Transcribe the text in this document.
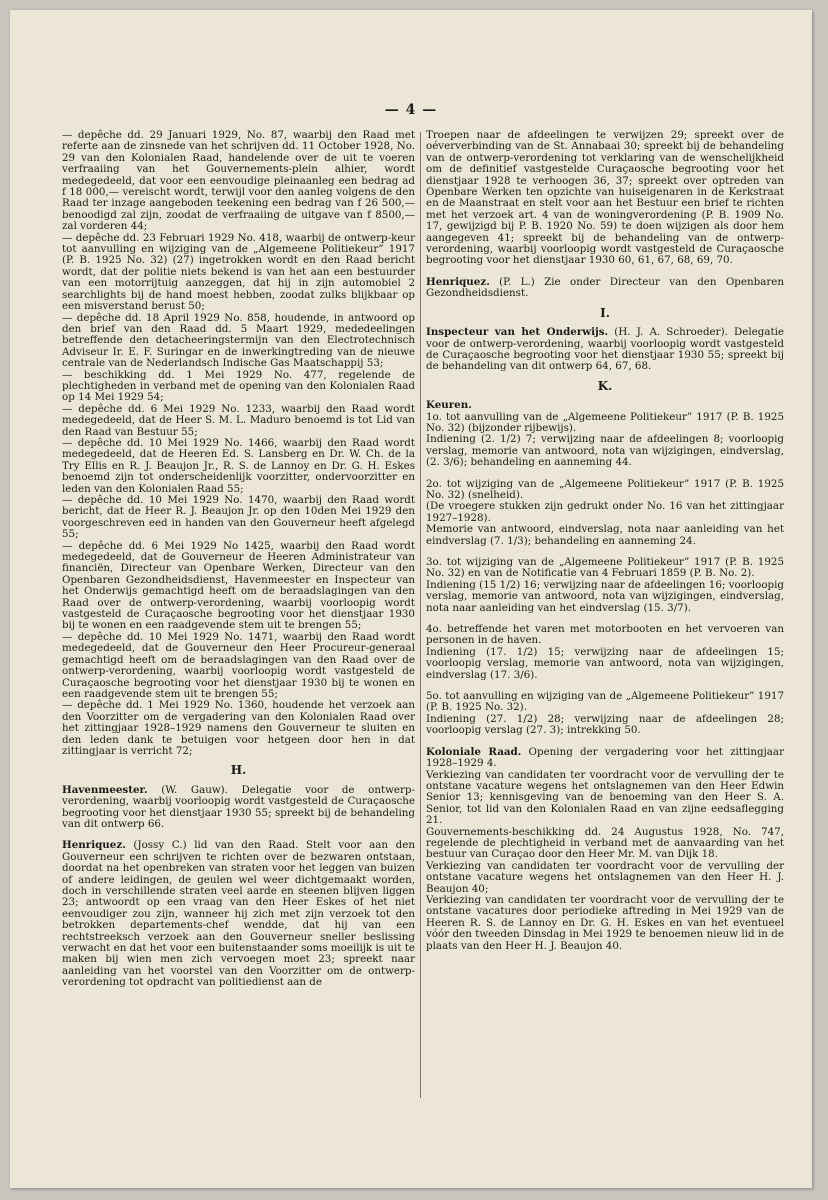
— 4 —

— depêche dd. 29 Januari 1929, No. 87, waarbij den Raad met referte aan de zinsnede van het schrijven dd. 11 October 1928, No. 29 van den Kolonialen Raad, handelende over de uit te voeren verfraaiing van het Gouvernements-plein alhier, wordt medegedeeld, dat voor een eenvoudige pleinaanleg een bedrag ad f 18 000,— vereischt wordt, terwijl voor den aanleg volgens de den Raad ter inzage aangeboden teekening een bedrag van f 26 500,— benoodigd zal zijn, zoodat de verfraaiing de uitgave van f 8500,— zal vorderen 44;

— depêche dd. 23 Februari 1929 No. 418, waarbij de ontwerp-keur tot aanvulling en wijziging van de „Algemeene Politiekeur” 1917 (P. B. 1925 No. 32) (27) ingetrokken wordt en den Raad bericht wordt, dat der politie niets bekend is van het aan een bestuurder van een motorrijtuig aanzeggen, dat hij in zijn automobiel 2 searchlights bij de hand moest hebben, zoodat zulks blijkbaar op een misverstand berust 50;

— depêche dd. 18 April 1929 No. 858, houdende, in antwoord op den brief van den Raad dd. 5 Maart 1929, mededeelingen betreffende den detacheeringstermijn van den Electrotechnisch Adviseur Ir. E. F. Suringar en de inwerkingtreding van de nieuwe centrale van de Nederlandsch Indische Gas Maatschappij 53;

— beschikking dd. 1 Mei 1929 No. 477, regelende de plechtigheden in verband met de opening van den Kolonialen Raad op 14 Mei 1929 54;

— depêche dd. 6 Mei 1929 No. 1233, waarbij den Raad wordt medegedeeld, dat de Heer S. M. L. Maduro benoemd is tot Lid van den Raad van Bestuur 55;

— depêche dd. 10 Mei 1929 No. 1466, waarbij den Raad wordt medegedeeld, dat de Heeren Ed. S. Lansberg en Dr. W. Ch. de la Try Ellis en R. J. Beaujon Jr., R. S. de Lannoy en Dr. G. H. Eskes benoemd zijn tot onderscheidenlijk voorzitter, ondervoorzitter en leden van den Kolonialen Raad 55;

— depêche dd. 10 Mei 1929 No. 1470, waarbij den Raad wordt bericht, dat de Heer R. J. Beaujon Jr. op den 10den Mei 1929 den voorgeschreven eed in handen van den Gouverneur heeft afgelegd 55;

— depêche dd. 6 Mei 1929 No 1425, waarbij den Raad wordt medegedeeld, dat de Gouverneur de Heeren Administrateur van financiën, Directeur van Openbare Werken, Directeur van den Openbaren Gezondheidsdienst, Havenmeester en Inspecteur van het Onderwijs gemachtigd heeft om de beraadslagingen van den Raad over de ontwerp-verordening, waarbij voorloopig wordt vastgesteld de Curaçaosche begrooting voor het dienstjaar 1930 bij te wonen en een raadgevende stem uit te brengen 55;

— depêche dd. 10 Mei 1929 No. 1471, waarbij den Raad wordt medegedeeld, dat de Gouverneur den Heer Procureur-generaal gemachtigd heeft om de beraadslagingen van den Raad over de ontwerp-verordening, waarbij voorloopig wordt vastgesteld de Curaçaosche begrooting voor het dienstjaar 1930 bij te wonen en een raadgevende stem uit te brengen 55;

— depêche dd. 1 Mei 1929 No. 1360, houdende het verzoek aan den Voorzitter om de vergadering van den Kolonialen Raad over het zittingjaar 1928–1929 namens den Gouverneur te sluiten en den leden dank te betuigen voor hetgeen door hen in dat zittingjaar is verricht 72;

H.

Havenmeester. (W. Gauw). Delegatie voor de ontwerp-verordening, waarbij voorloopig wordt vastgesteld de Curaçaosche begrooting voor het dienstjaar 1930 55; spreekt bij de behandeling van dit ontwerp 66.

Henriquez. (Jossy C.) lid van den Raad. Stelt voor aan den Gouverneur een schrijven te richten over de bezwaren ontstaan, doordat na het openbreken van straten voor het leggen van buizen of andere leidingen, de geulen wel weer dichtgemaakt worden, doch in verschillende straten veel aarde en steenen blijven liggen 23; antwoordt op een vraag van den Heer Eskes of het niet eenvoudiger zou zijn, wanneer hij zich met zijn verzoek tot den betrokken departements-chef wendde, dat hij van een rechtstreeksch verzoek aan den Gouverneur sneller beslissing verwacht en dat het voor een buitenstaander soms moeilijk is uit te maken bij wien men zich vervoegen moet 23; spreekt naar aanleiding van het voorstel van den Voorzitter om de ontwerp-verordening tot opdracht van politiedienst aan de

Troepen naar de afdeelingen te verwijzen 29; spreekt over de oéververbinding van de St. Annabaai 30; spreekt bij de behandeling van de ontwerp-verordening tot verklaring van de wenschelijkheid om de definitief vastgestelde Curaçaosche begrooting voor het dienstjaar 1928 te verhoogen 36, 37; spreekt over optreden van Openbare Werken ten opzichte van huiseigenaren in de Kerkstraat en de Maanstraat en stelt voor aan het Bestuur een brief te richten met het verzoek art. 4 van de woningverordening (P. B. 1909 No. 17, gewijzigd bij P. B. 1920 No. 59) te doen wijzigen als door hem aangegeven 41; spreekt bij de behandeling van de ontwerp-verordening, waarbij voorloopig wordt vastgesteld de Curaçaosche begrooting voor het dienstjaar 1930 60, 61, 67, 68, 69, 70.

Henriquez. (P. L.) Zie onder Directeur van den Openbaren Gezondheidsdienst.

I.

Inspecteur van het Onderwijs. (H. J. A. Schroeder). Delegatie voor de ontwerp-verordening, waarbij voorloopig wordt vastgesteld de Curaçaosche begrooting voor het dienstjaar 1930 55; spreekt bij de behandeling van dit ontwerp 64, 67, 68.

K.

Keuren.

1o. tot aanvulling van de „Algemeene Politiekeur” 1917 (P. B. 1925 No. 32) (bijzonder rijbewijs).

Indiening (2. 1/2) 7; verwijzing naar de afdeelingen 8; voorloopig verslag, memorie van antwoord, nota van wijzigingen, eindverslag, (2. 3/6); behandeling en aanneming 44.

2o. tot wijziging van de „Algemeene Politiekeur” 1917 (P. B. 1925 No. 32) (snelheid).

(De vroegere stukken zijn gedrukt onder No. 16 van het zittingjaar 1927–1928).

Memorie van antwoord, eindverslag, nota naar aanleiding van het eindverslag (7. 1/3); behandeling en aanneming 24.

3o. tot wijziging van de „Algemeene Politiekeur” 1917 (P. B. 1925 No. 32) en van de Notificatie van 4 Februari 1859 (P. B. No. 2).

Indiening (15 1/2) 16; verwijzing naar de afdeelingen 16; voorloopig verslag, memorie van antwoord, nota van wijzigingen, eindverslag, nota naar aanleiding van het eindverslag (15. 3/7).

4o. betreffende het varen met motorbooten en het vervoeren van personen in de haven.

Indiening (17. 1/2) 15; verwijzing naar de afdeelingen 15; voorloopig verslag, memorie van antwoord, nota van wijzigingen, eindverslag (17. 3/6).

5o. tot aanvulling en wijziging van de „Algemeene Politiekeur” 1917 (P. B. 1925 No. 32).

Indiening (27. 1/2) 28; verwijzing naar de afdeelingen 28; voorloopig verslag (27. 3); intrekking 50.

Koloniale Raad. Opening der vergadering voor het zittingjaar 1928–1929 4.

Verkiezing van candidaten ter voordracht voor de vervulling der te ontstane vacature wegens het ontslagnemen van den Heer Edwin Senior 13; kennisgeving van de benoeming van den Heer S. A. Senior, tot lid van den Kolonialen Raad en van zijne eedsaflegging 21.

Gouvernements-beschikking dd. 24 Augustus 1928, No. 747, regelende de plechtigheid in verband met de aanvaarding van het bestuur van Curaçao door den Heer Mr. M. van Dijk 18.

Verkiezing van candidaten ter voordracht voor de vervulling der ontstane vacature wegens het ontslagnemen van den Heer H. J. Beaujon 40;

Verkiezing van candidaten ter voordracht voor de vervulling der te ontstane vacatures door periodieke aftreding in Mei 1929 van de Heeren R. S. de Lannoy en Dr. G. H. Eskes en van het eventueel vóór den tweeden Dinsdag in Mei 1929 te benoemen nieuw lid in de plaats van den Heer H. J. Beaujon 40.
